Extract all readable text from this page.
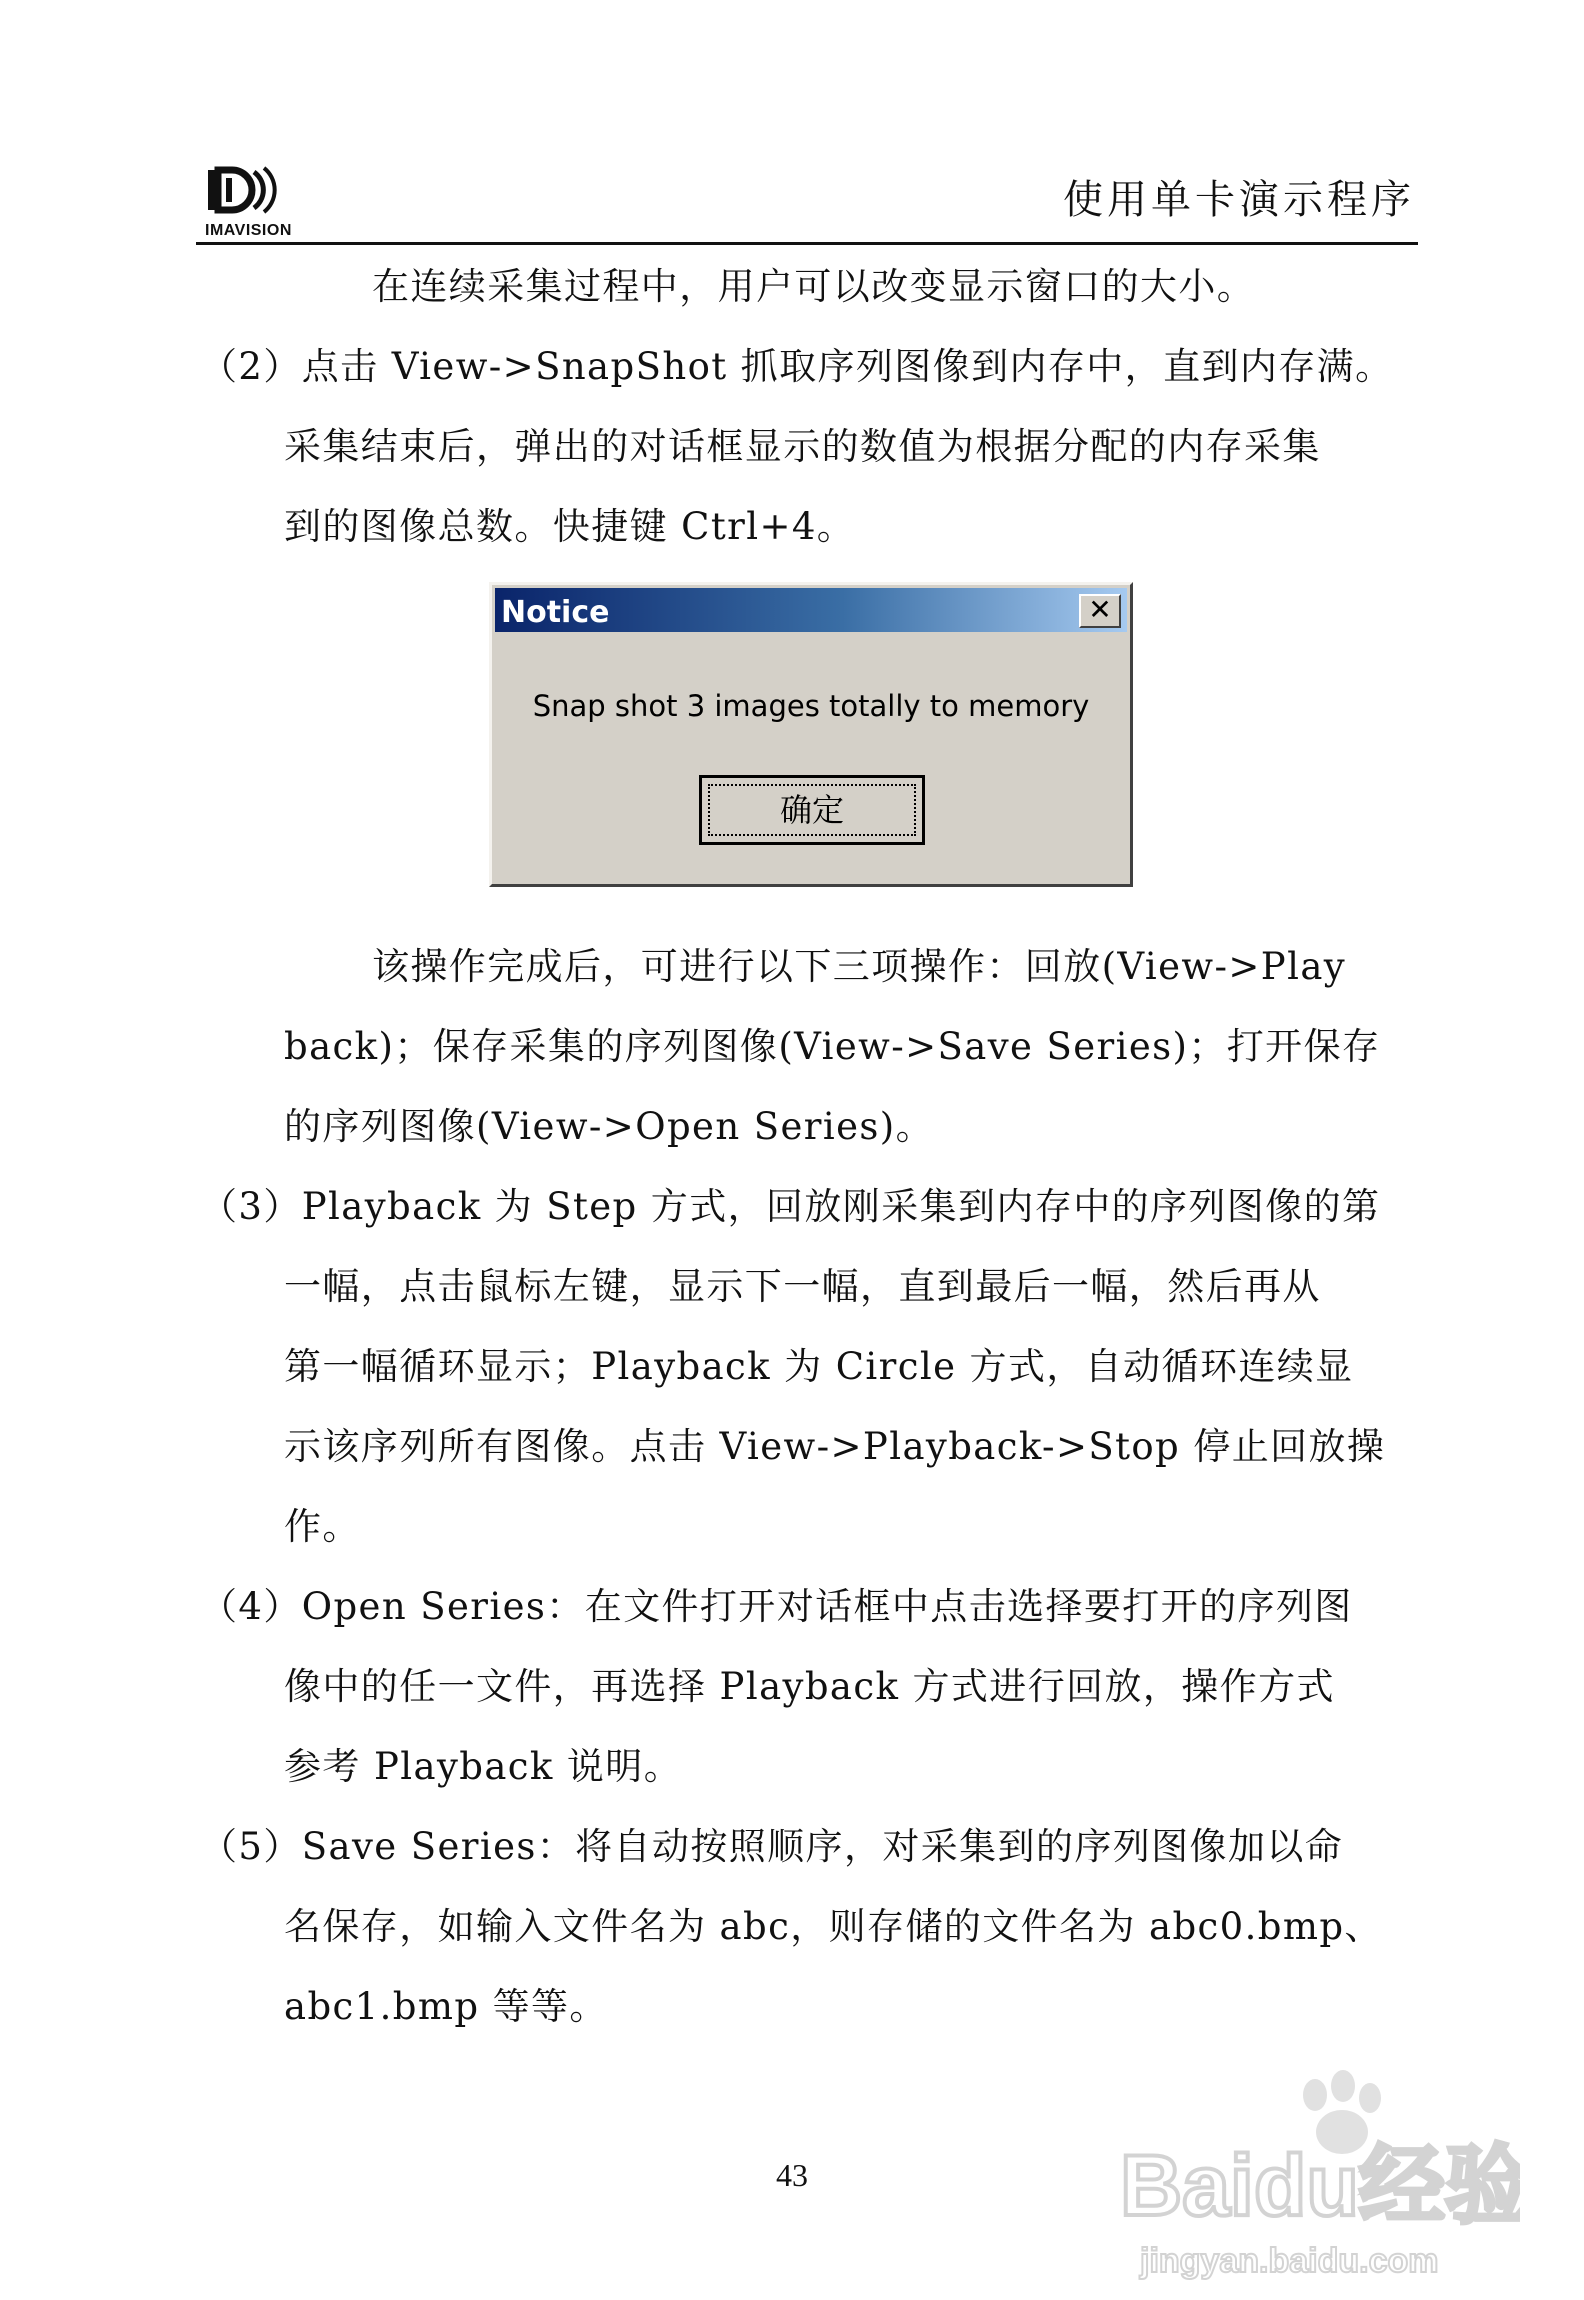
IMAVISION
使用单卡演示程序
在连续采集过程中，用户可以改变显示窗口的大小。
（2）点击 View->SnapShot 抓取序列图像到内存中，直到内存满。
采集结束后，弹出的对话框显示的数值为根据分配的内存采集
到的图像总数。快捷键 Ctrl+4。
Notice	✕
Snap shot 3 images totally to memory
确定
该操作完成后，可进行以下三项操作：回放(View->Play
back)；保存采集的序列图像(View->Save Series)；打开保存
的序列图像(View->Open Series)。
（3）Playback 为 Step 方式，回放刚采集到内存中的序列图像的第
一幅，点击鼠标左键，显示下一幅，直到最后一幅，然后再从
第一幅循环显示；Playback 为 Circle 方式，自动循环连续显
示该序列所有图像。点击 View->Playback->Stop 停止回放操
作。
（4）Open Series：在文件打开对话框中点击选择要打开的序列图
像中的任一文件，再选择 Playback 方式进行回放，操作方式
参考 Playback 说明。
（5）Save Series：将自动按照顺序，对采集到的序列图像加以命
名保存，如输入文件名为 abc，则存储的文件名为 abc0.bmp、
abc1.bmp 等等。
43	Baidu经验
jingyan.baidu.com
